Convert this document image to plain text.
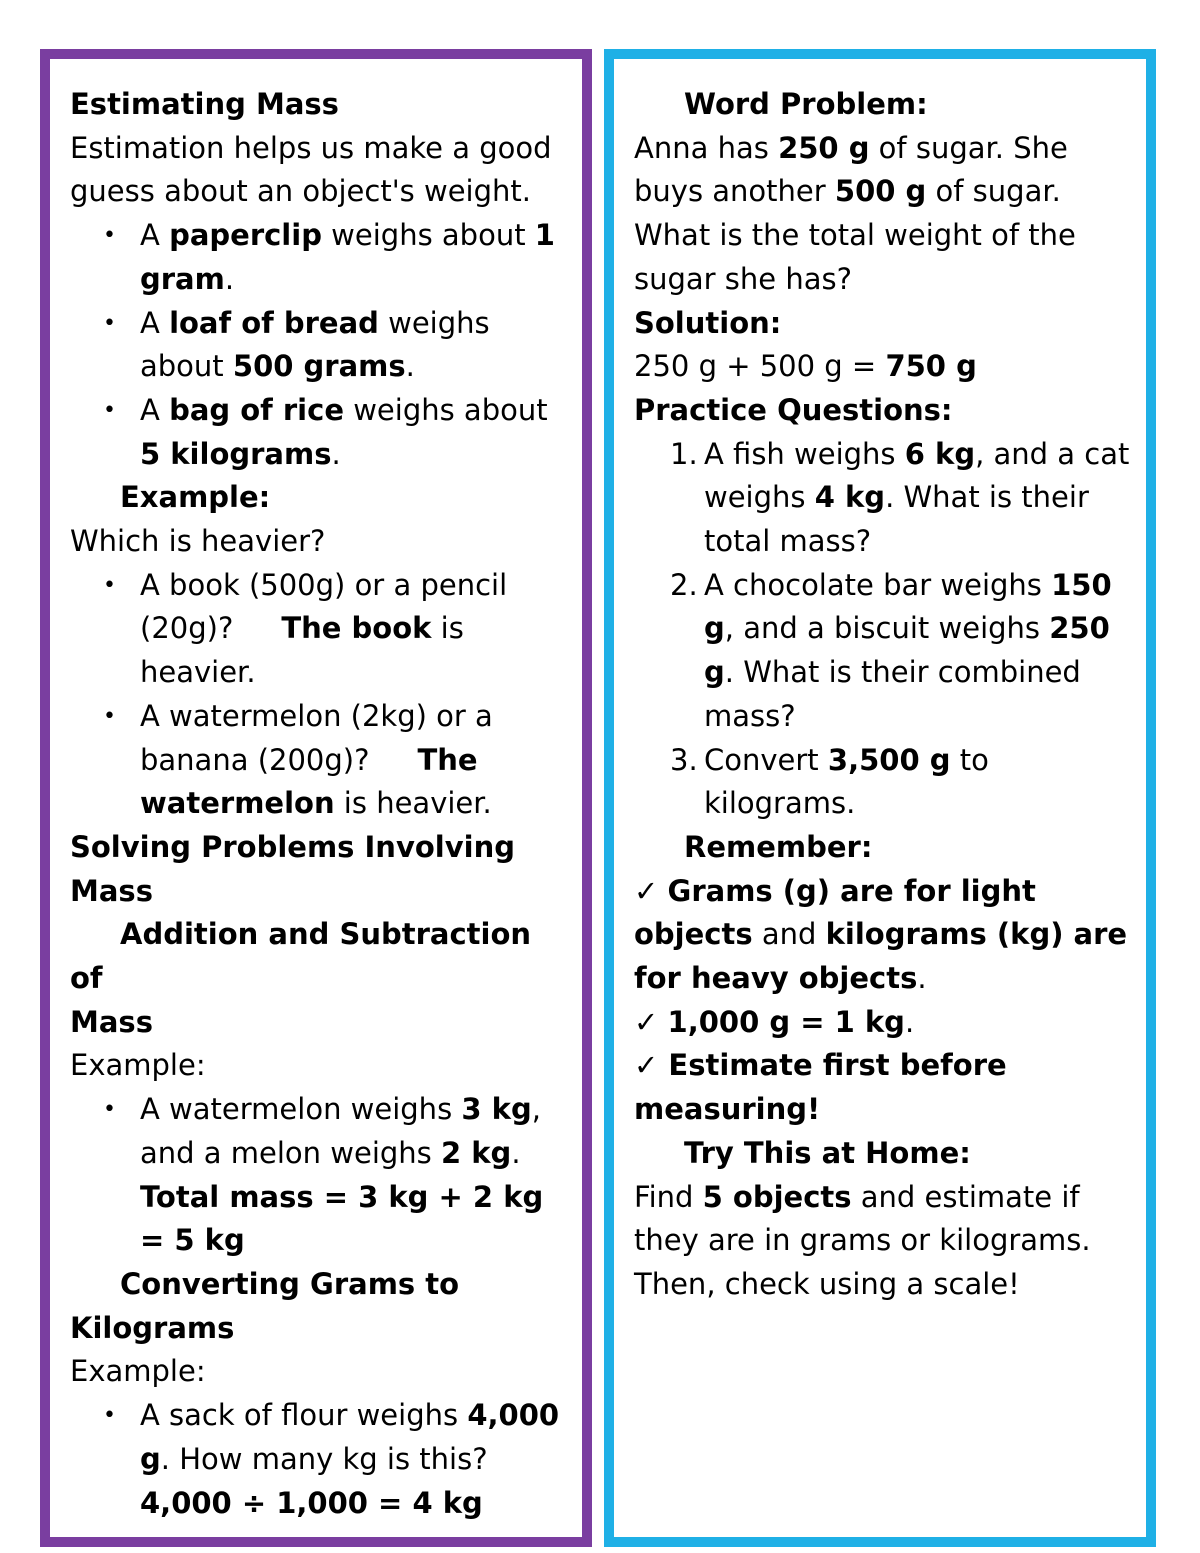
Estimating Mass

Estimation helps us make a good guess about an object's weight.

• A paperclip weighs about 1 gram.
• A loaf of bread weighs about 500 grams.
• A bag of rice weighs about 5 kilograms.

Example:

Which is heavier?

• A book (500g) or a pencil (20g)? The book is heavier.
• A watermelon (2kg) or a banana (200g)? The watermelon is heavier.

Solving Problems Involving Mass

Addition and Subtraction of
Mass

Example:

• A watermelon weighs 3 kg, and a melon weighs 2 kg.
Total mass = 3 kg + 2 kg = 5 kg

Converting Grams to
Kilograms

Example:

• A sack of flour weighs 4,000 g. How many kg is this?
4,000 ÷ 1,000 = 4 kg

Word Problem:

Anna has 250 g of sugar. She buys another 500 g of sugar. What is the total weight of the sugar she has?

Solution:

250 g + 500 g = 750 g

Practice Questions:

1. A fish weighs 6 kg, and a cat weighs 4 kg. What is their total mass?
2. A chocolate bar weighs 150 g, and a biscuit weighs 250 g. What is their combined mass?
3. Convert 3,500 g to kilograms.

Remember:

✓ Grams (g) are for light objects and kilograms (kg) are for heavy objects.

✓ 1,000 g = 1 kg.

✓ Estimate first before measuring!

Try This at Home:

Find 5 objects and estimate if they are in grams or kilograms. Then, check using a scale!
